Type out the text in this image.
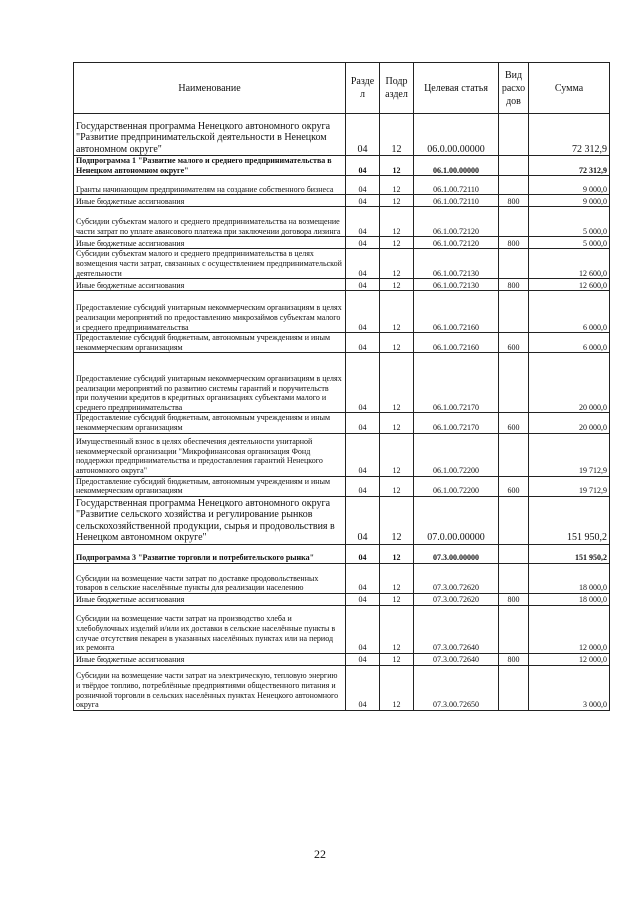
Наименование	Разде л	Подр аздел	Целевая статья	Вид расхо дов	Сумма
Государственная программа Ненецкого автономного округа "Развитие предпринимательской деятельности в Ненецком автономном округе"	04	12	06.0.00.00000		72 312,9
Подпрограмма 1 "Развитие малого и среднего предпринимательства в Ненецком автономном округе"	04	12	06.1.00.00000		72 312,9
Гранты начинающим предпринимателям на создание собственного бизнеса	04	12	06.1.00.72110		9 000,0
Иные бюджетные ассигнования	04	12	06.1.00.72110	800	9 000,0
Субсидии субъектам малого и среднего предпринимательства на возмещение части затрат по уплате авансового платежа при заключении договора лизинга	04	12	06.1.00.72120		5 000,0
Иные бюджетные ассигнования	04	12	06.1.00.72120	800	5 000,0
Субсидии субъектам малого и среднего предпринимательства в целях возмещения части затрат, связанных с осуществлением предпринимательской деятельности	04	12	06.1.00.72130		12 600,0
Иные бюджетные ассигнования	04	12	06.1.00.72130	800	12 600,0
Предоставление субсидий унитарным некоммерческим организациям в целях реализации мероприятий по предоставлению микрозаймов субъектам малого и среднего предпринимательства	04	12	06.1.00.72160		6 000,0
Предоставление субсидий бюджетным, автономным учреждениям и иным некоммерческим организациям	04	12	06.1.00.72160	600	6 000,0
Предоставление субсидий унитарным некоммерческим организациям в целях реализации мероприятий по развитию системы гарантий и поручительств при получении кредитов в кредитных организациях субъектами малого и среднего предпринимательства	04	12	06.1.00.72170		20 000,0
Предоставление субсидий бюджетным, автономным учреждениям и иным некоммерческим организациям	04	12	06.1.00.72170	600	20 000,0
Имущественный взнос в целях обеспечения деятельности унитарной некоммерческой организации "Микрофинансовая организация Фонд поддержки предпринимательства и предоставления гарантий Ненецкого автономного округа"	04	12	06.1.00.72200		19 712,9
Предоставление субсидий бюджетным, автономным учреждениям и иным некоммерческим организациям	04	12	06.1.00.72200	600	19 712,9
Государственная программа Ненецкого автономного округа "Развитие сельского хозяйства и регулирование рынков сельскохозяйственной продукции, сырья и продовольствия в Ненецком автономном округе"	04	12	07.0.00.00000		151 950,2
Подпрограмма 3 "Развитие торговли и потребительского рынка"	04	12	07.3.00.00000		151 950,2
Субсидии на возмещение части затрат по доставке продовольственных товаров в сельские населённые пункты для реализации населению	04	12	07.3.00.72620		18 000,0
Иные бюджетные ассигнования	04	12	07.3.00.72620	800	18 000,0
Субсидии на возмещение части затрат на производство хлеба и хлебобулочных изделий и/или их доставки в сельские населённые пункты в случае отсутствия пекарен в указанных населённых пунктах или на период их ремонта	04	12	07.3.00.72640		12 000,0
Иные бюджетные ассигнования	04	12	07.3.00.72640	800	12 000,0
Субсидии на возмещение части затрат на электрическую, тепловую энергию и твёрдое топливо, потреблённые предприятиями общественного питания и розничной торговли в сельских населённых пунктах Ненецкого автономного округа	04	12	07.3.00.72650		3 000,0
22
